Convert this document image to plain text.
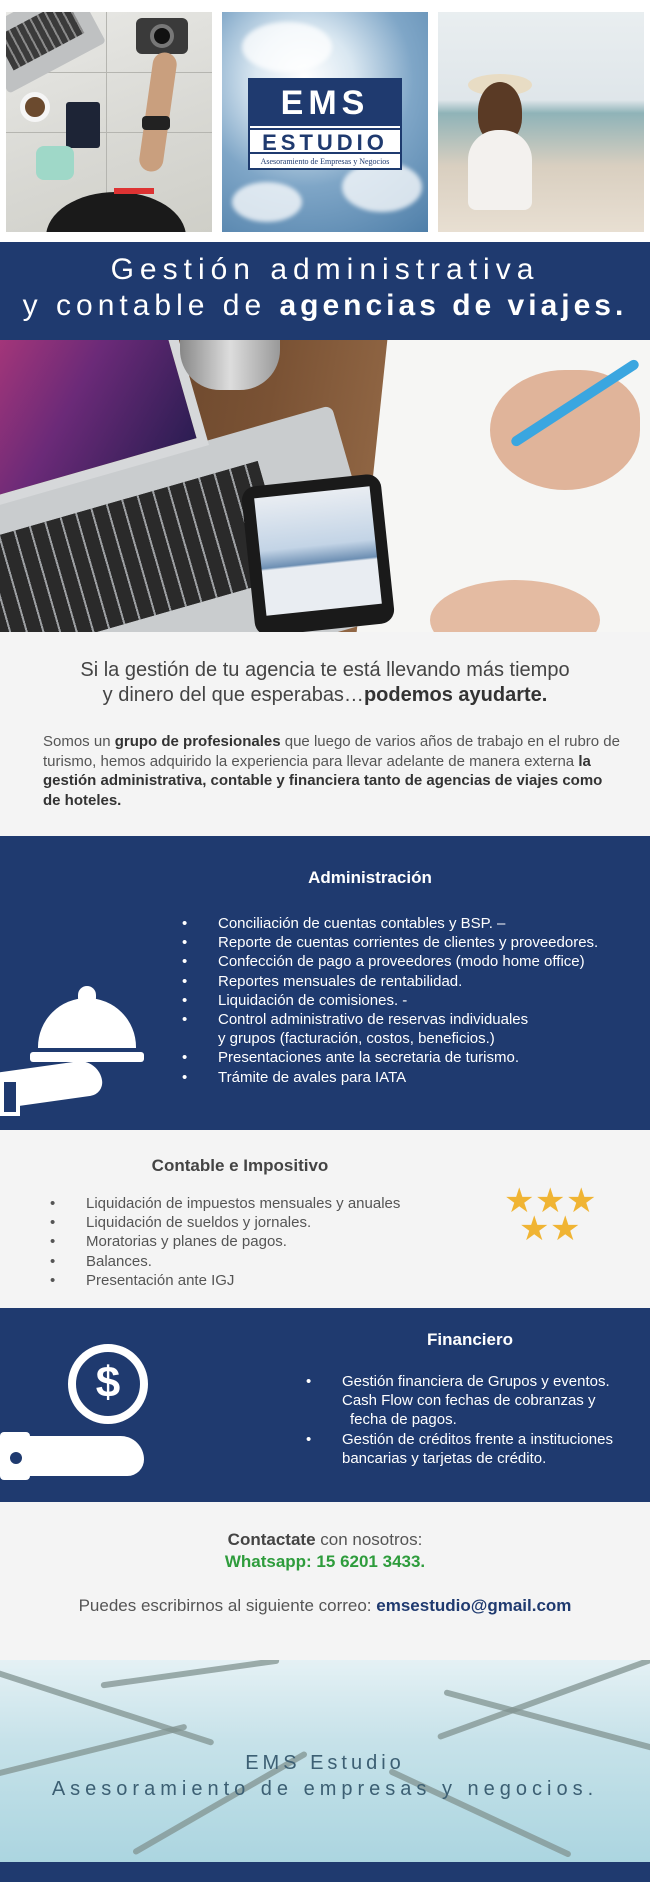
EMS
ESTUDIO
Asesoramiento de Empresas y Negocios
Gestión administrativa
y contable de agencias de viajes.
Si la gestión de tu agencia te está llevando más tiempo
y dinero del que esperabas…podemos ayudarte.
Somos un grupo de profesionales que luego de varios años de trabajo en el rubro de turismo, hemos adquirido la experiencia para llevar adelante de manera externa la gestión administrativa, contable y financiera tanto de agencias de viajes como de hoteles.
Administración
• Conciliación de cuentas contables y BSP. –
• Reporte de cuentas corrientes de clientes y proveedores.
• Confección de pago a proveedores (modo home office)
• Reportes mensuales de rentabilidad.
• Liquidación de comisiones. -
• Control administrativo de reservas individuales
y grupos (facturación, costos, beneficios.)
• Presentaciones ante la secretaria de turismo.
• Trámite de avales para IATA
Contable e Impositivo
• Liquidación de impuestos mensuales y anuales
• Liquidación de sueldos y jornales.
• Moratorias y planes de pagos.
• Balances.
• Presentación ante IGJ
★ ★ ★
★ ★
$
Financiero
• Gestión financiera de Grupos y eventos.
Cash Flow con fechas de cobranzas y
fecha de pagos.
• Gestión de créditos frente a instituciones
bancarias y tarjetas de crédito.
Contactate con nosotros:
Whatsapp: 15 6201 3433.
Puedes escribirnos al siguiente correo: emsestudio@gmail.com
EMS Estudio
Asesoramiento de empresas y negocios.
